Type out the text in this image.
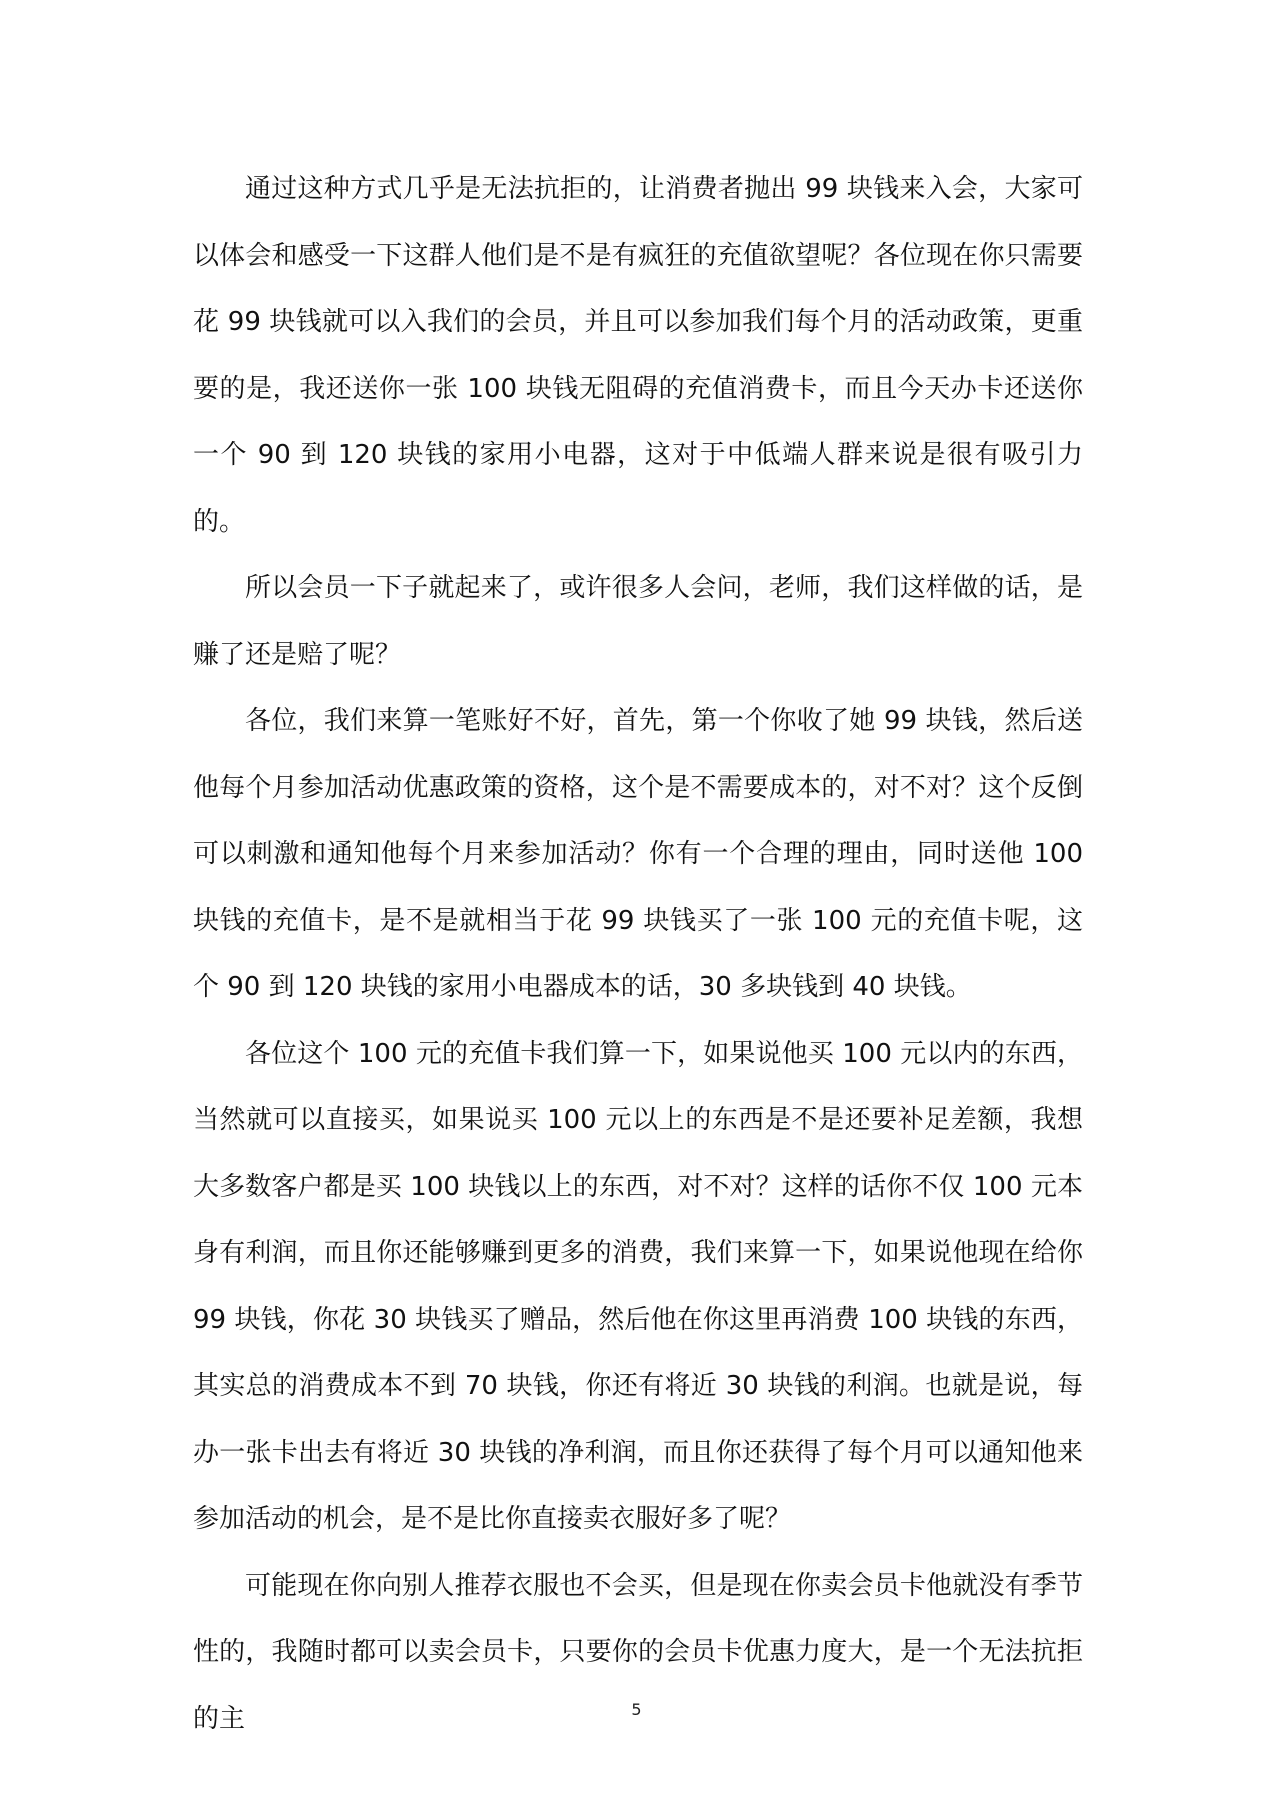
通过这种方式几乎是无法抗拒的，让消费者抛出 99 块钱来入会，大家可以体会和感受一下这群人他们是不是有疯狂的充值欲望呢？各位现在你只需要花 99 块钱就可以入我们的会员，并且可以参加我们每个月的活动政策，更重要的是，我还送你一张 100 块钱无阻碍的充值消费卡，而且今天办卡还送你一个 90 到 120 块钱的家用小电器，这对于中低端人群来说是很有吸引力的。

所以会员一下子就起来了，或许很多人会问，老师，我们这样做的话，是赚了还是赔了呢？

各位，我们来算一笔账好不好，首先，第一个你收了她 99 块钱，然后送他每个月参加活动优惠政策的资格，这个是不需要成本的，对不对？这个反倒可以刺激和通知他每个月来参加活动？你有一个合理的理由，同时送他 100 块钱的充值卡，是不是就相当于花 99 块钱买了一张 100 元的充值卡呢，这个 90 到 120 块钱的家用小电器成本的话，30 多块钱到 40 块钱。

各位这个 100 元的充值卡我们算一下，如果说他买 100 元以内的东西，当然就可以直接买，如果说买 100 元以上的东西是不是还要补足差额，我想大多数客户都是买 100 块钱以上的东西，对不对？这样的话你不仅 100 元本身有利润，而且你还能够赚到更多的消费，我们来算一下，如果说他现在给你 99 块钱，你花 30 块钱买了赠品，然后他在你这里再消费 100 块钱的东西，其实总的消费成本不到 70 块钱，你还有将近 30 块钱的利润。也就是说，每办一张卡出去有将近 30 块钱的净利润，而且你还获得了每个月可以通知他来参加活动的机会，是不是比你直接卖衣服好多了呢？

可能现在你向别人推荐衣服也不会买，但是现在你卖会员卡他就没有季节性的，我随时都可以卖会员卡，只要你的会员卡优惠力度大，是一个无法抗拒的主	5
